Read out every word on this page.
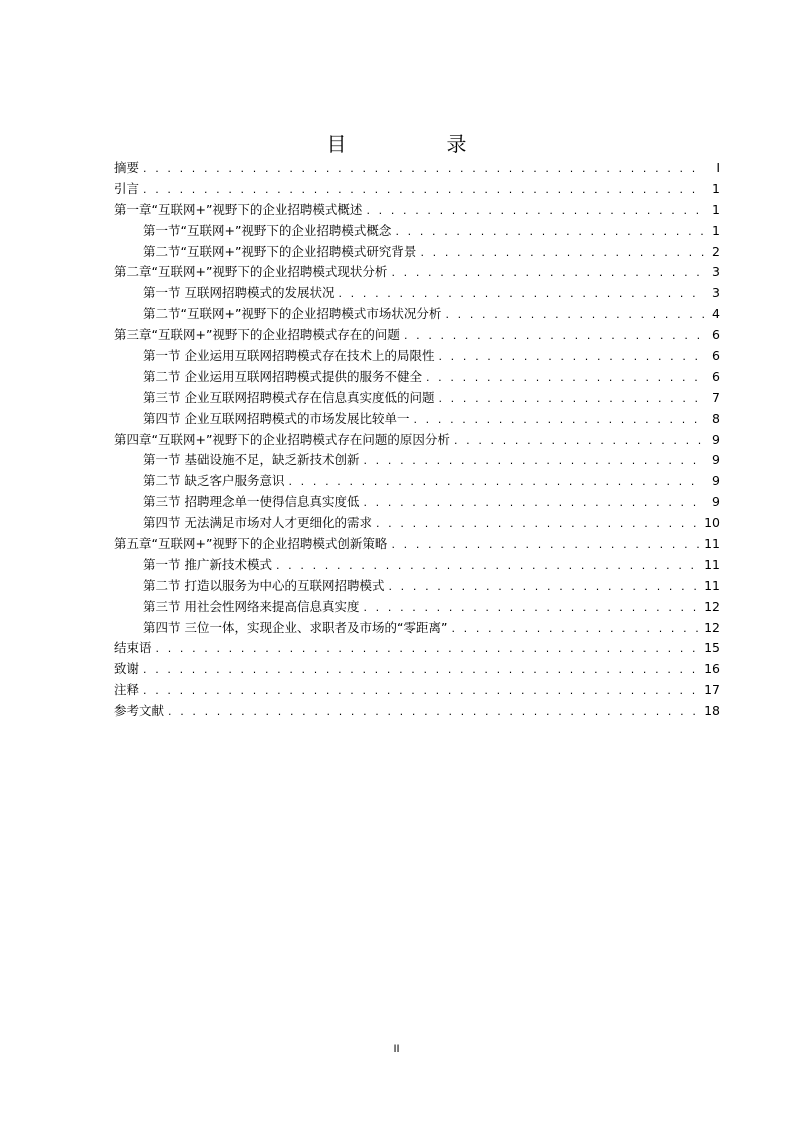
目　录
摘要 . . .	I
引言 . . .	1
第一章“互联网+”视野下的企业招聘模式概述 . . .	1
第一节“互联网+”视野下的企业招聘模式概念 . . .	1
第二节“互联网+”视野下的企业招聘模式研究背景 . . .	2
第二章“互联网+”视野下的企业招聘模式现状分析 . . .	3
第一节 互联网招聘模式的发展状况 . . .	3
第二节“互联网+”视野下的企业招聘模式市场状况分析 . . .	4
第三章“互联网+”视野下的企业招聘模式存在的问题 . . .	6
第一节 企业运用互联网招聘模式存在技术上的局限性 . . .	6
第二节 企业运用互联网招聘模式提供的服务不健全 . . .	6
第三节 企业互联网招聘模式存在信息真实度低的问题 . . .	7
第四节 企业互联网招聘模式的市场发展比较单一 . . .	8
第四章“互联网+”视野下的企业招聘模式存在问题的原因分析 . . .	9
第一节 基础设施不足，缺乏新技术创新 . . .	9
第二节 缺乏客户服务意识 . . .	9
第三节 招聘理念单一使得信息真实度低 . . .	9
第四节 无法满足市场对人才更细化的需求 . . .	10
第五章“互联网+”视野下的企业招聘模式创新策略 . . .	11
第一节 推广新技术模式 . . .	11
第二节 打造以服务为中心的互联网招聘模式 . . .	11
第三节 用社会性网络来提高信息真实度 . . .	12
第四节 三位一体，实现企业、求职者及市场的“零距离” . . .	12
结束语 . . .	15
致谢 . . .	16
注释 . . .	17
参考文献 . . .	18
II
